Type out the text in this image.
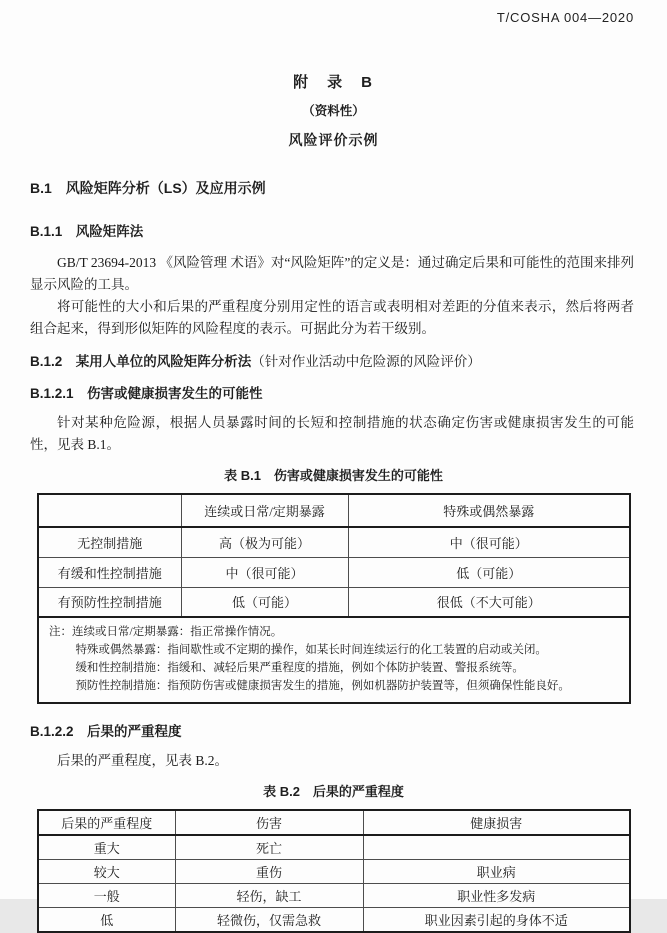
T/COSHA 004—2020
附　录　B
（资料性）
风险评价示例
B.1　风险矩阵分析（LS）及应用示例
B.1.1　风险矩阵法

GB/T 23694-2013 《风险管理 术语》对“风险矩阵”的定义是：通过确定后果和可能性的范围来排列显示风险的工具。

将可能性的大小和后果的严重程度分别用定性的语言或表明相对差距的分值来表示，然后将两者组合起来，得到形似矩阵的风险程度的表示。可据此分为若干级别。

B.1.2　某用人单位的风险矩阵分析法（针对作业活动中危险源的风险评价）
B.1.2.1　伤害或健康损害发生的可能性

针对某种危险源，根据人员暴露时间的长短和控制措施的状态确定伤害或健康损害发生的可能性，见表 B.1。

表 B.1　伤害或健康损害发生的可能性
	连续或日常/定期暴露	特殊或偶然暴露
无控制措施	高（极为可能）	中（很可能）
有缓和性控制措施	中（很可能）	低（可能）
有预防性控制措施	低（可能）	很低（不大可能）

注：连续或日常/定期暴露：指正常操作情况。
特殊或偶然暴露：指间歇性或不定期的操作，如某长时间连续运行的化工装置的启动或关闭。
缓和性控制措施：指缓和、减轻后果严重程度的措施，例如个体防护装置、警报系统等。
预防性控制措施：指预防伤害或健康损害发生的措施，例如机器防护装置等，但须确保性能良好。		
B.1.2.2　后果的严重程度

后果的严重程度，见表 B.2。

表 B.2　后果的严重程度
后果的严重程度	伤害	健康损害
重大	死亡	
较大	重伤	职业病
一般	轻伤，缺工	职业性多发病
低	轻微伤，仅需急救	职业因素引起的身体不适
